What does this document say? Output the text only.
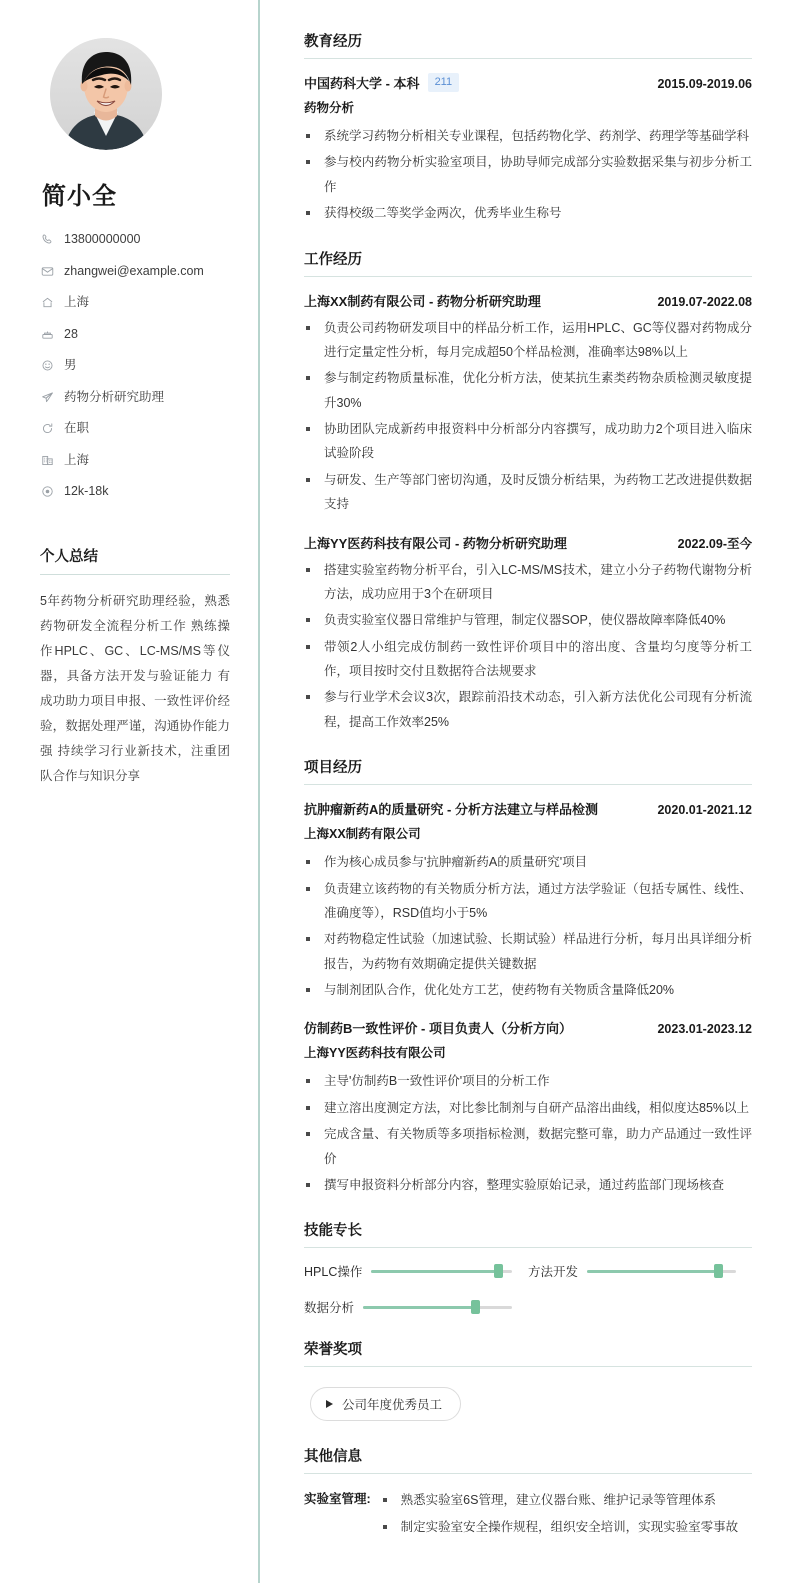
简小全
13800000000
zhangwei@example.com
上海
28
男
药物分析研究助理
在职
上海
12k-18k
个人总结

5年药物分析研究助理经验，熟悉药物研发全流程分析工作 熟练操作HPLC、GC、LC-MS/MS等仪器，具备方法开发与验证能力 有成功助力项目申报、一致性评价经验，数据处理严谨，沟通协作能力强 持续学习行业新技术，注重团队合作与知识分享

教育经历
中国药科大学 - 本科	211	2015.09-2019.06
药物分析
系统学习药物分析相关专业课程，包括药物化学、药剂学、药理学等基础学科
参与校内药物分析实验室项目，协助导师完成部分实验数据采集与初步分析工作
获得校级二等奖学金两次，优秀毕业生称号
工作经历
上海XX制药有限公司 - 药物分析研究助理	2019.07-2022.08
负责公司药物研发项目中的样品分析工作，运用HPLC、GC等仪器对药物成分进行定量定性分析，每月完成超50个样品检测，准确率达98%以上
参与制定药物质量标准，优化分析方法，使某抗生素类药物杂质检测灵敏度提升30%
协助团队完成新药申报资料中分析部分内容撰写，成功助力2个项目进入临床试验阶段
与研发、生产等部门密切沟通，及时反馈分析结果，为药物工艺改进提供数据支持
上海YY医药科技有限公司 - 药物分析研究助理	2022.09-至今
搭建实验室药物分析平台，引入LC-MS/MS技术，建立小分子药物代谢物分析方法，成功应用于3个在研项目
负责实验室仪器日常维护与管理，制定仪器SOP，使仪器故障率降低40%
带领2人小组完成仿制药一致性评价项目中的溶出度、含量均匀度等分析工作，项目按时交付且数据符合法规要求
参与行业学术会议3次，跟踪前沿技术动态，引入新方法优化公司现有分析流程，提高工作效率25%
项目经历
抗肿瘤新药A的质量研究 - 分析方法建立与样品检测	2020.01-2021.12
上海XX制药有限公司
作为核心成员参与'抗肿瘤新药A的质量研究'项目
负责建立该药物的有关物质分析方法，通过方法学验证（包括专属性、线性、准确度等），RSD值均小于5%
对药物稳定性试验（加速试验、长期试验）样品进行分析，每月出具详细分析报告，为药物有效期确定提供关键数据
与制剂团队合作，优化处方工艺，使药物有关物质含量降低20%
仿制药B一致性评价 - 项目负责人（分析方向）	2023.01-2023.12
上海YY医药科技有限公司
主导'仿制药B一致性评价'项目的分析工作
建立溶出度测定方法，对比参比制剂与自研产品溶出曲线，相似度达85%以上
完成含量、有关物质等多项指标检测，数据完整可靠，助力产品通过一致性评价
撰写申报资料分析部分内容，整理实验原始记录，通过药监部门现场核查
技能专长
HPLC操作	方法开发
数据分析
荣誉奖项
公司年度优秀员工
其他信息
实验室管理:	熟悉实验室6S管理，建立仪器台账、维护记录等管理体系
制定实验室安全操作规程，组织安全培训，实现实验室零事故
